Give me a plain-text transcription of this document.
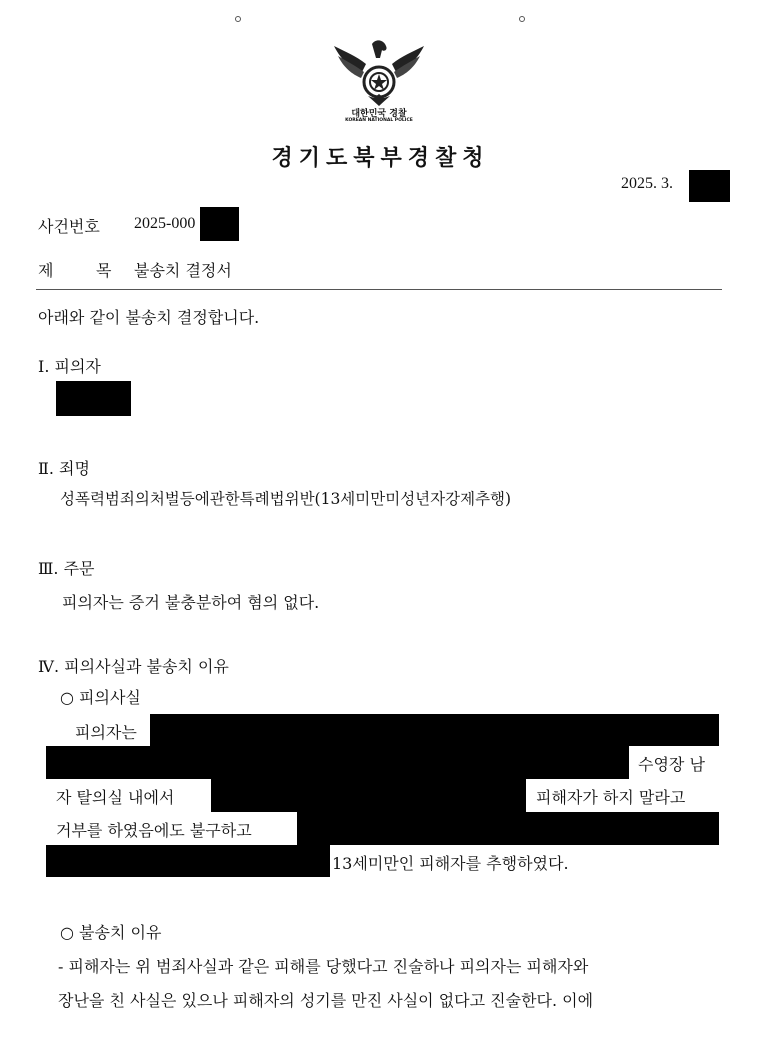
대한민국 경찰
KOREAN NATIONAL POLICE
경기도북부경찰청
2025. 3.
사건번호 2025-000
제	목 불송치 결정서
아래와 같이 불송치 결정합니다.
Ⅰ. 피의자
Ⅱ. 죄명
성폭력범죄의처벌등에관한특례법위반(13세미만미성년자강제추행)
Ⅲ. 주문
피의자는 증거 불충분하여 혐의 없다.
Ⅳ. 피의사실과 불송치 이유
○ 피의사실
피의자는
수영장 남
자 탈의실 내에서	피해자가 하지 말라고
거부를 하였음에도 불구하고
13세미만인 피해자를 추행하였다.
○ 불송치 이유
- 피해자는 위 범죄사실과 같은 피해를 당했다고 진술하나 피의자는 피해자와
장난을 친 사실은 있으나 피해자의 성기를 만진 사실이 없다고 진술한다. 이에
